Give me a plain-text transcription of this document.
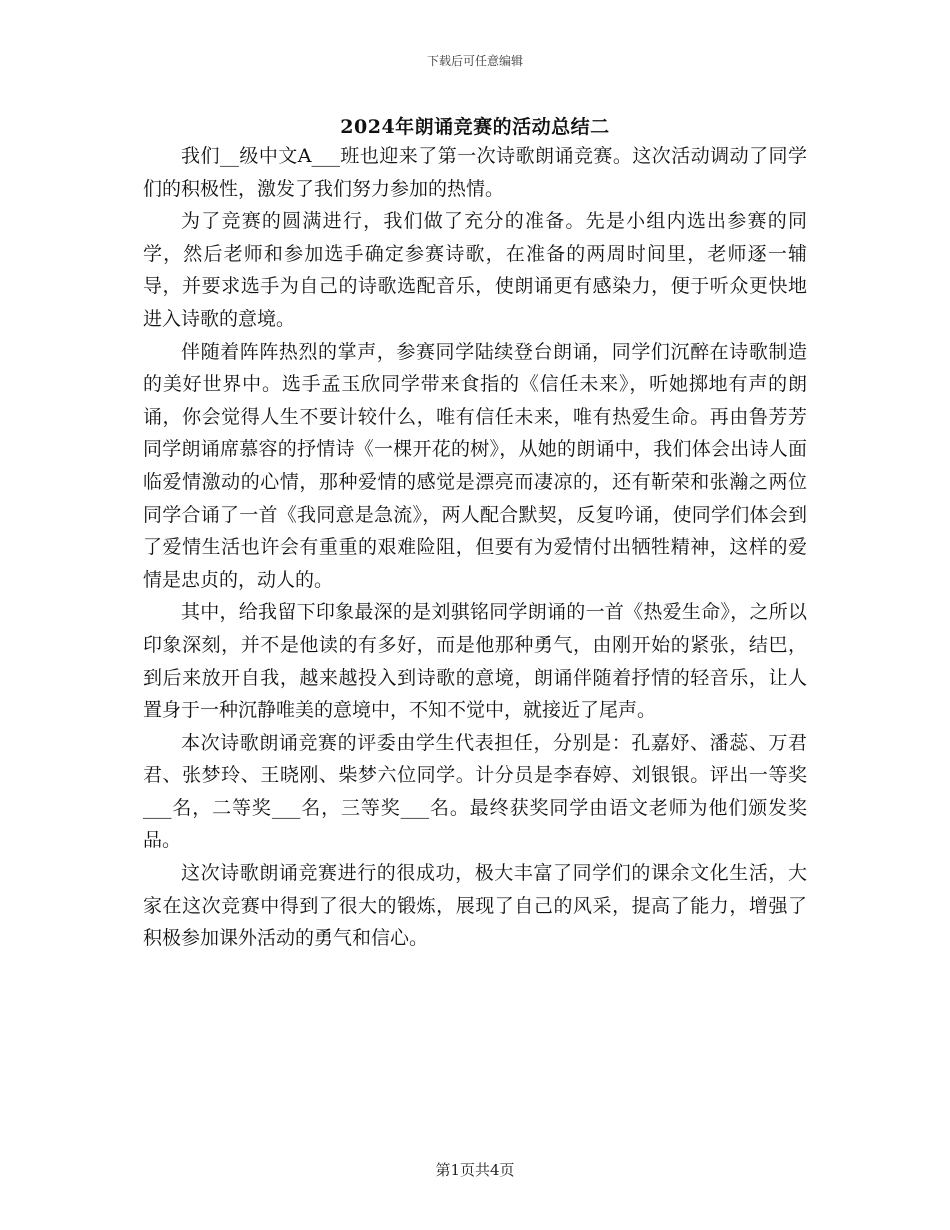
下载后可任意编辑
2024年朗诵竞赛的活动总结二

我们__级中文A___班也迎来了第一次诗歌朗诵竞赛。这次活动调动了同学们的积极性，激发了我们努力参加的热情。

为了竞赛的圆满进行，我们做了充分的准备。先是小组内选出参赛的同学，然后老师和参加选手确定参赛诗歌，在准备的两周时间里，老师逐一辅导，并要求选手为自己的诗歌选配音乐，使朗诵更有感染力，便于听众更快地进入诗歌的意境。

伴随着阵阵热烈的掌声，参赛同学陆续登台朗诵，同学们沉醉在诗歌制造的美好世界中。选手孟玉欣同学带来食指的《信任未来》，听她掷地有声的朗诵，你会觉得人生不要计较什么，唯有信任未来，唯有热爱生命。再由鲁芳芳同学朗诵席慕容的抒情诗《一棵开花的树》，从她的朗诵中，我们体会出诗人面临爱情激动的心情，那种爱情的感觉是漂亮而凄凉的，还有靳荣和张瀚之两位同学合诵了一首《我同意是急流》，两人配合默契，反复吟诵，使同学们体会到了爱情生活也许会有重重的艰难险阻，但要有为爱情付出牺牲精神，这样的爱情是忠贞的，动人的。

其中，给我留下印象最深的是刘骐铭同学朗诵的一首《热爱生命》，之所以印象深刻，并不是他读的有多好，而是他那种勇气，由刚开始的紧张，结巴，到后来放开自我，越来越投入到诗歌的意境，朗诵伴随着抒情的轻音乐，让人置身于一种沉静唯美的意境中，不知不觉中，就接近了尾声。

本次诗歌朗诵竞赛的评委由学生代表担任，分别是：孔嘉妤、潘蕊、万君君、张梦玲、王晓刚、柴梦六位同学。计分员是李春婷、刘银银。评出一等奖___名，二等奖___名，三等奖___名。最终获奖同学由语文老师为他们颁发奖品。

这次诗歌朗诵竞赛进行的很成功，极大丰富了同学们的课余文化生活，大家在这次竞赛中得到了很大的锻炼，展现了自己的风采，提高了能力，增强了积极参加课外活动的勇气和信心。

第1页共4页
